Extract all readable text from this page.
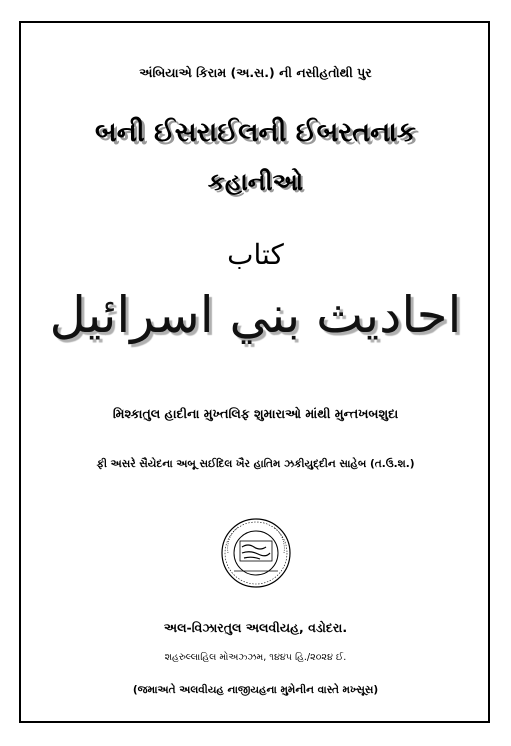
અંબિયાએ કિરામ (અ.સ.) ની નસીહતોથી પુર
બની ઈસરાઈલની ઈબરતનાક
કહાનીઓ
كتاب
احاديث بني اسرائيل
મિશ્કાતુલ હાદીના મુખ્તલિફ શુમારાઓ માંથી મુન્તખબશુદા
ફી અસરે સૈયેદના અબૂ સઈદિલ ખૈર હાતિમ ઝકીયુદ્દીન સાહેબ (ત.ઉ.શ.)
અલ-વિઝારતુલ અલવીયહ, વડોદરા.
શહરુલ્લાહિલ મોઅઝ્ઝમ, ૧૪૪૫ હિ./૨૦૨૪ ઈ.
(જમાઅતે અલવીયહ નાજીયહના મુમેનીન વાસ્તે મખ્સૂસ)
